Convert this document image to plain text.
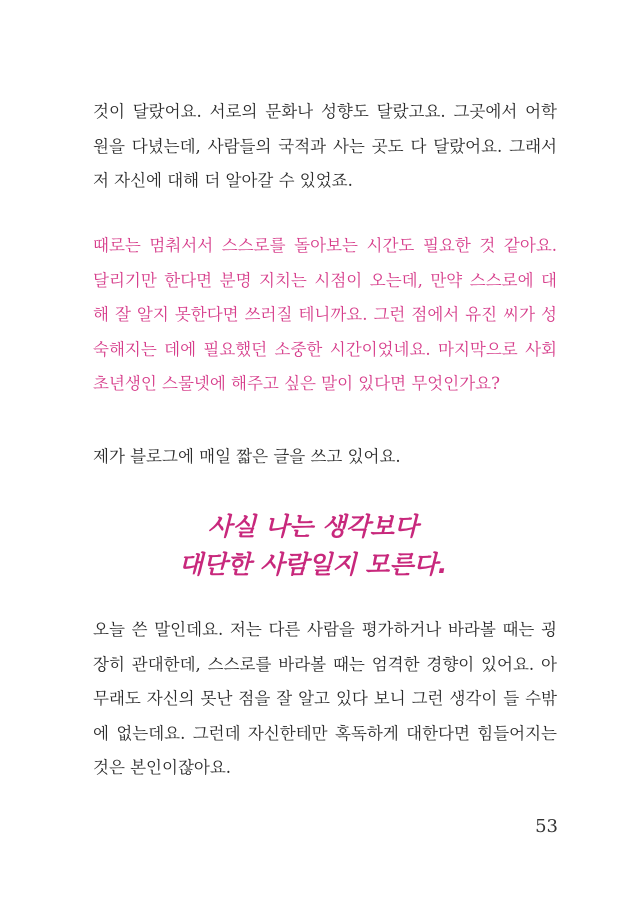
것이 달랐어요. 서로의 문화나 성향도 달랐고요. 그곳에서 어학
원을 다녔는데, 사람들의 국적과 사는 곳도 다 달랐어요. 그래서
저 자신에 대해 더 알아갈 수 있었죠.
때로는 멈춰서서 스스로를 돌아보는 시간도 필요한 것 같아요.
달리기만 한다면 분명 지치는 시점이 오는데, 만약 스스로에 대
해 잘 알지 못한다면 쓰러질 테니까요. 그런 점에서 유진 씨가 성
숙해지는 데에 필요했던 소중한 시간이었네요. 마지막으로 사회
초년생인 스물넷에 해주고 싶은 말이 있다면 무엇인가요?
제가 블로그에 매일 짧은 글을 쓰고 있어요.
사실 나는 생각보다
대단한 사람일지 모른다.
오늘 쓴 말인데요. 저는 다른 사람을 평가하거나 바라볼 때는 굉
장히 관대한데, 스스로를 바라볼 때는 엄격한 경향이 있어요. 아
무래도 자신의 못난 점을 잘 알고 있다 보니 그런 생각이 들 수밖
에 없는데요. 그런데 자신한테만 혹독하게 대한다면 힘들어지는
것은 본인이잖아요.
53
